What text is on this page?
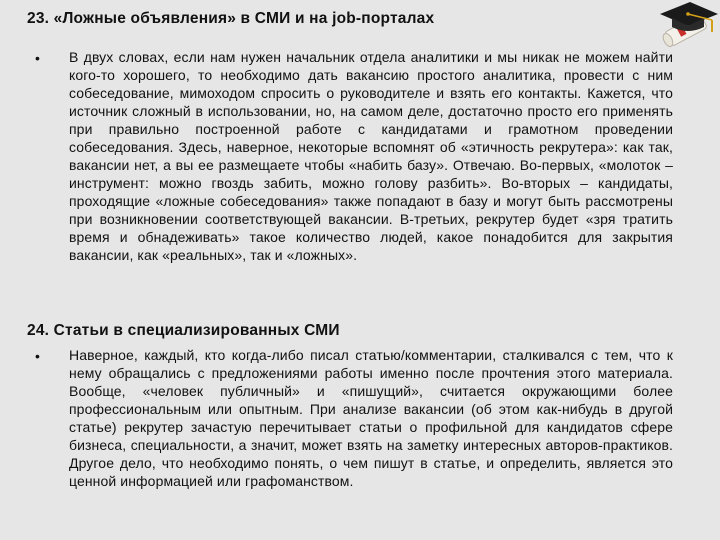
23. «Ложные объявления» в СМИ и на job-порталах
• В двух словах, если нам нужен начальник отдела аналитики и мы никак не можем найти кого-то хорошего, то необходимо дать вакансию простого аналитика, провести с ним собеседование, мимоходом спросить о руководителе и взять его контакты. Кажется, что источник сложный в использовании, но, на самом деле, достаточно просто его применять при правильно построенной работе с кандидатами и грамотном проведении собеседования. Здесь, наверное, некоторые вспомнят об «этичность рекрутера»: как так, вакансии нет, а вы ее размещаете чтобы «набить базу». Отвечаю. Во-первых, «молоток – инструмент: можно гвоздь забить, можно голову разбить». Во-вторых – кандидаты, проходящие «ложные собеседования» также попадают в базу и могут быть рассмотрены при возникновении соответствующей вакансии. В-третьих, рекрутер будет «зря тратить время и обнадеживать» такое количество людей, какое понадобится для закрытия вакансии, как «реальных», так и «ложных».

24. Статьи в специализированных СМИ
• Наверное, каждый, кто когда-либо писал статью/комментарии, сталкивался с тем, что к нему обращались с предложениями работы именно после прочтения этого материала. Вообще, «человек публичный» и «пишущий», считается окружающими более профессиональным или опытным. При анализе вакансии (об этом как-нибудь в другой статье) рекрутер зачастую перечитывает статьи о профильной для кандидатов сфере бизнеса, специальности, а значит, может взять на заметку интересных авторов-практиков. Другое дело, что необходимо понять, о чем пишут в статье, и определить, является это ценной информацией или графоманством.
